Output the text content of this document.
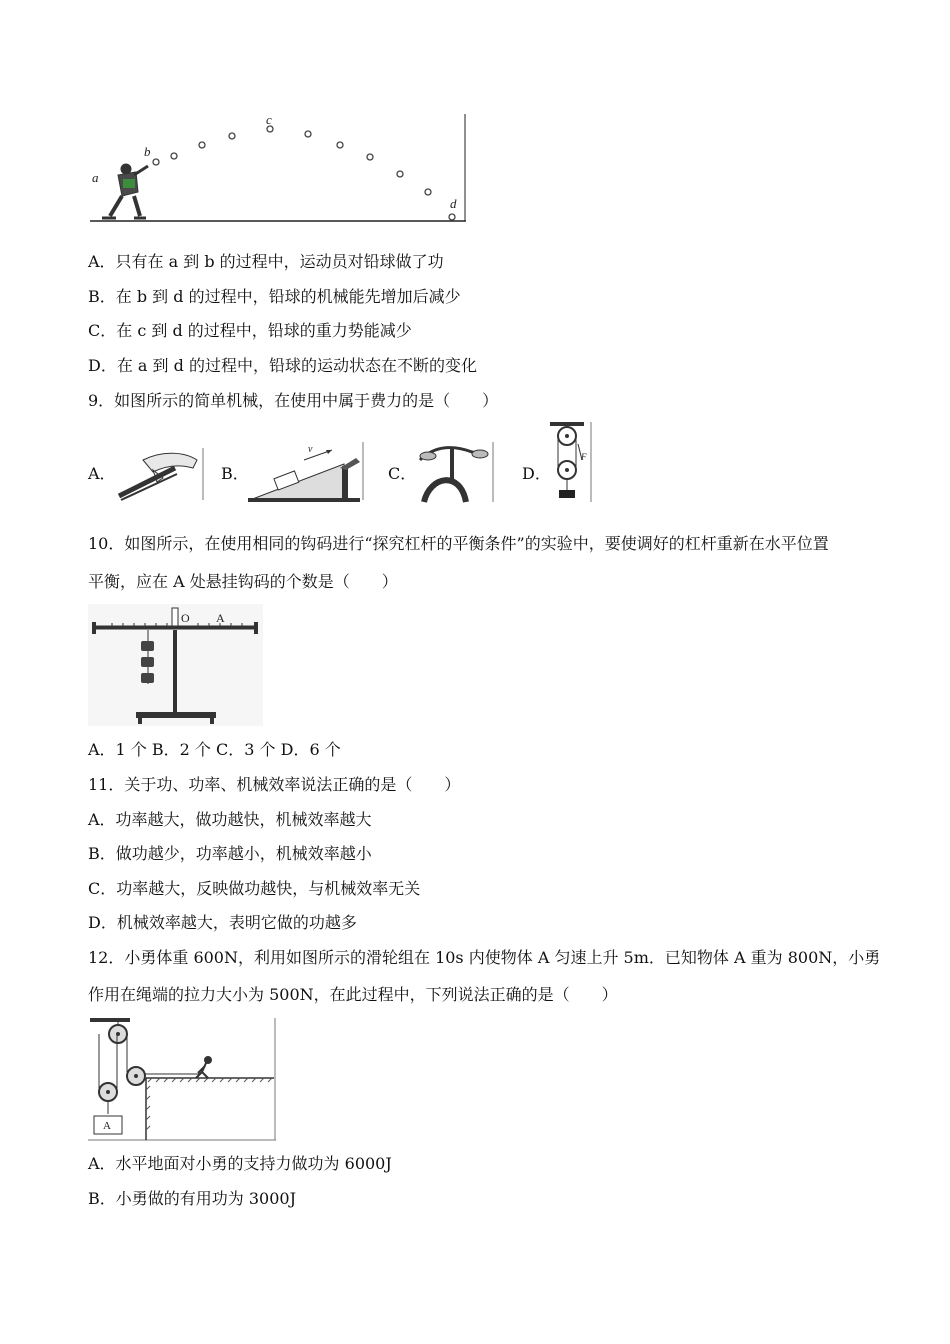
a
b
c
d
A．只有在 a 到 b 的过程中，运动员对铅球做了功
B．在 b 到 d 的过程中，铅球的机械能先增加后减少
C．在 c 到 d 的过程中，铅球的重力势能减少
D．在 a 到 d 的过程中，铅球的运动状态在不断的变化
9．如图所示的简单机械，在使用中属于费力的是（　　）
A．	B．
v
C．	D．
F
10．如图所示，在使用相同的钩码进行“探究杠杆的平衡条件”的实验中，要使调好的杠杆重新在水平位置
平衡，应在 A 处悬挂钩码的个数是（　　）
O A
A．1 个 B．2 个 C．3 个 D．6 个
11．关于功、功率、机械效率说法正确的是（　　）
A．功率越大，做功越快，机械效率越大
B．做功越少，功率越小，机械效率越小
C．功率越大，反映做功越快，与机械效率无关
D．机械效率越大，表明它做的功越多
12．小勇体重 600N，利用如图所示的滑轮组在 10s 内使物体 A 匀速上升 5m．已知物体 A 重为 800N，小勇
作用在绳端的拉力大小为 500N，在此过程中，下列说法正确的是（　　）
A
A．水平地面对小勇的支持力做功为 6000J
B．小勇做的有用功为 3000J
